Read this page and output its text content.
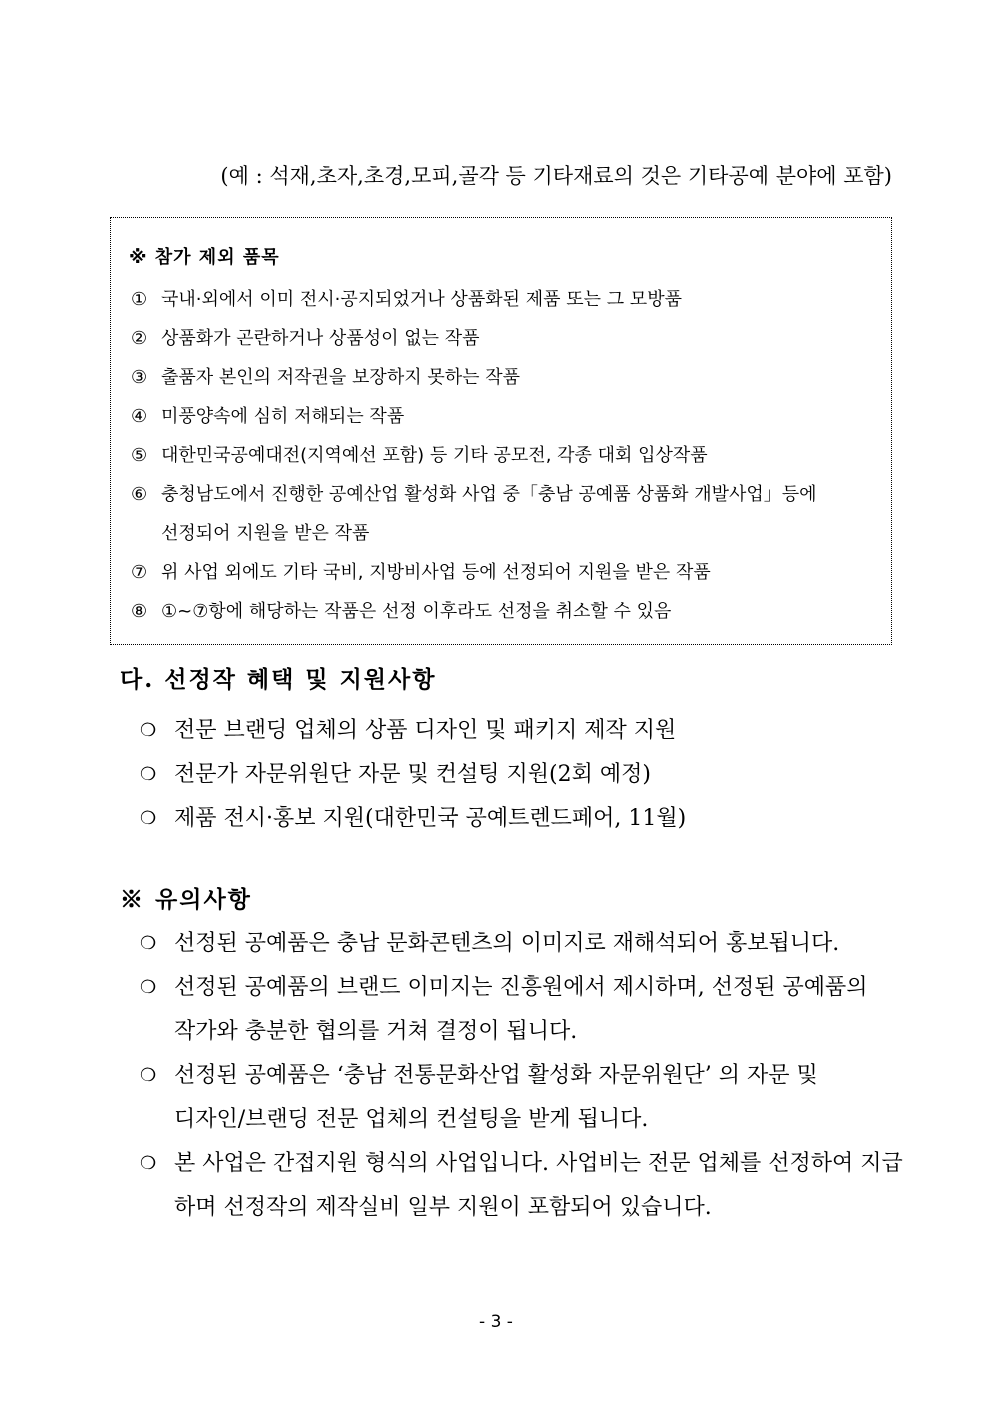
(예 : 석재,초자,초경,모피,골각 등 기타재료의 것은 기타공예 분야에 포함)
※ 참가 제외 품목
① 국내·외에서 이미 전시·공지되었거나 상품화된 제품 또는 그 모방품
② 상품화가 곤란하거나 상품성이 없는 작품
③ 출품자 본인의 저작권을 보장하지 못하는 작품
④ 미풍양속에 심히 저해되는 작품
⑤ 대한민국공예대전(지역예선 포함) 등 기타 공모전, 각종 대회 입상작품
⑥ 충청남도에서 진행한 공예산업 활성화 사업 중「충남 공예품 상품화 개발사업」등에
선정되어 지원을 받은 작품
⑦ 위 사업 외에도 기타 국비, 지방비사업 등에 선정되어 지원을 받은 작품
⑧ ①~⑦항에 해당하는 작품은 선정 이후라도 선정을 취소할 수 있음
다. 선정작 혜택 및 지원사항
❍ 전문 브랜딩 업체의 상품 디자인 및 패키지 제작 지원
❍ 전문가 자문위원단 자문 및 컨설팅 지원(2회 예정)
❍ 제품 전시·홍보 지원(대한민국 공예트렌드페어, 11월)
※ 유의사항
❍ 선정된 공예품은 충남 문화콘텐츠의 이미지로 재해석되어 홍보됩니다.
❍ 선정된 공예품의 브랜드 이미지는 진흥원에서 제시하며, 선정된 공예품의
작가와 충분한 협의를 거쳐 결정이 됩니다.
❍ 선정된 공예품은 ‘충남 전통문화산업 활성화 자문위원단’ 의 자문 및
디자인/브랜딩 전문 업체의 컨설팅을 받게 됩니다.
❍ 본 사업은 간접지원 형식의 사업입니다. 사업비는 전문 업체를 선정하여 지급
하며 선정작의 제작실비 일부 지원이 포함되어 있습니다.
- 3 -
